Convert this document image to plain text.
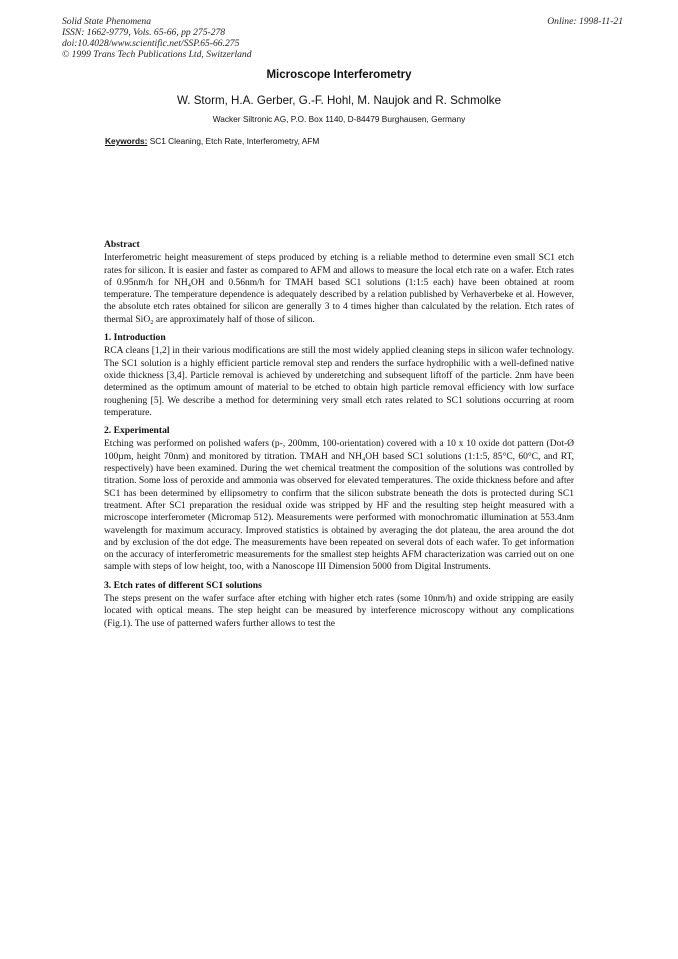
Solid State Phenomena
ISSN: 1662-9779, Vols. 65-66, pp 275-278
doi:10.4028/www.scientific.net/SSP.65-66.275
© 1999 Trans Tech Publications Ltd, Switzerland
Online: 1998-11-21
Microscope Interferometry
W. Storm, H.A. Gerber, G.-F. Hohl, M. Naujok and R. Schmolke
Wacker Siltronic AG, P.O. Box 1140, D-84479 Burghausen, Germany
Keywords: SC1 Cleaning, Etch Rate, Interferometry, AFM
Abstract

Interferometric height measurement of steps produced by etching is a reliable method to determine even small SC1 etch rates for silicon. It is easier and faster as compared to AFM and allows to measure the local etch rate on a wafer. Etch rates of 0.95nm/h for NH₄OH and 0.56nm/h for TMAH based SC1 solutions (1:1:5 each) have been obtained at room temperature. The temperature dependence is adequately described by a relation published by Verhaverbeke et al. However, the absolute etch rates obtained for silicon are generally 3 to 4 times higher than calculated by the relation. Etch rates of thermal SiO₂ are approximately half of those of silicon.

1. Introduction

RCA cleans [1,2] in their various modifications are still the most widely applied cleaning steps in silicon wafer technology. The SC1 solution is a highly efficient particle removal step and renders the surface hydrophilic with a well-defined native oxide thickness [3,4]. Particle removal is achieved by underetching and subsequent liftoff of the particle. 2nm have been determined as the optimum amount of material to be etched to obtain high particle removal efficiency with low surface roughening [5]. We describe a method for determining very small etch rates related to SC1 solutions occurring at room temperature.

2. Experimental

Etching was performed on polished wafers (p-, 200mm, 100-orientation) covered with a 10 x 10 oxide dot pattern (Dot-Ø 100µm, height 70nm) and monitored by titration. TMAH and NH₄OH based SC1 solutions (1:1:5, 85°C, 60°C, and RT, respectively) have been examined. During the wet chemical treatment the composition of the solutions was controlled by titration. Some loss of peroxide and ammonia was observed for elevated temperatures. The oxide thickness before and after SC1 has been determined by ellipsometry to confirm that the silicon substrate beneath the dots is protected during SC1 treatment. After SC1 preparation the residual oxide was stripped by HF and the resulting step height measured with a microscope interferometer (Micromap 512). Measurements were performed with monochromatic illumination at 553.4nm wavelength for maximum accuracy. Improved statistics is obtained by averaging the dot plateau, the area around the dot and by exclusion of the dot edge. The measurements have been repeated on several dots of each wafer. To get information on the accuracy of interferometric measurements for the smallest step heights AFM characterization was carried out on one sample with steps of low height, too, with a Nanoscope III Dimension 5000 from Digital Instruments.

3. Etch rates of different SC1 solutions

The steps present on the wafer surface after etching with higher etch rates (some 10nm/h) and oxide stripping are easily located with optical means. The step height can be measured by interference microscopy without any complications (Fig.1). The use of patterned wafers further allows to test the
